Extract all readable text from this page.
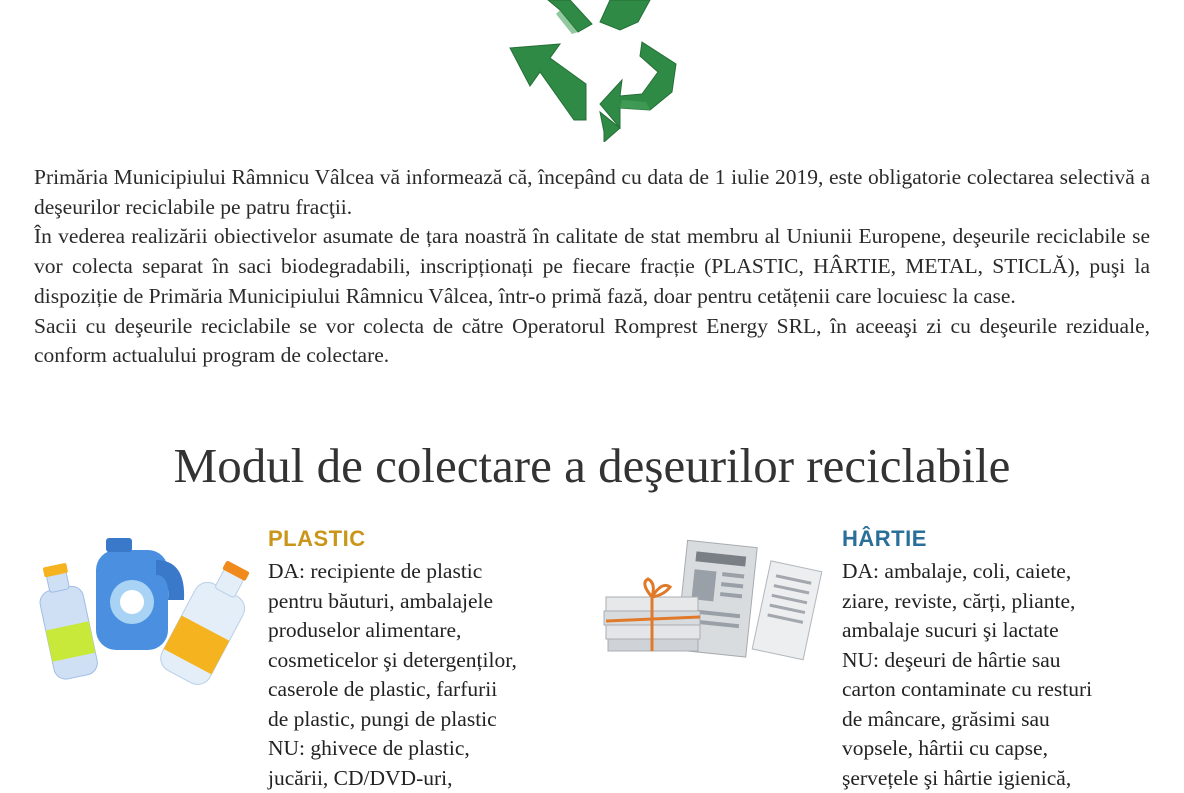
Primăria Municipiului Râmnicu Vâlcea vă informează că, începând cu data de 1 iulie 2019, este obligatorie colectarea selectivă a deşeurilor reciclabile pe patru fracţii.

În vederea realizării obiectivelor asumate de țara noastră în calitate de stat membru al Uniunii Europene, deşeurile reciclabile se vor colecta separat în saci biodegradabili, inscripționați pe fiecare fracție (PLASTIC, HÂRTIE, METAL, STICLĂ), puşi la dispoziție de Primăria Municipiului Râmnicu Vâlcea, într-o primă fază, doar pentru cetățenii care locuiesc la case.

Sacii cu deşeurile reciclabile se vor colecta de către Operatorul Romprest Energy SRL, în aceeaşi zi cu deşeurile reziduale, conform actualului program de colectare.

Modul de colectare a deşeurilor reciclabile
PLASTIC

DA: recipiente de plastic

pentru băuturi, ambalajele

produselor alimentare,

cosmeticelor şi detergenților,

caserole de plastic, farfurii

de plastic, pungi de plastic

NU: ghivece de plastic,

jucării, CD/DVD-uri,

HÂRTIE

DA: ambalaje, coli, caiete,

ziare, reviste, cărți, pliante,

ambalaje sucuri şi lactate

NU: deşeuri de hârtie sau

carton contaminate cu resturi

de mâncare, grăsimi sau

vopsele, hârtii cu capse,

şervețele şi hârtie igienică,
